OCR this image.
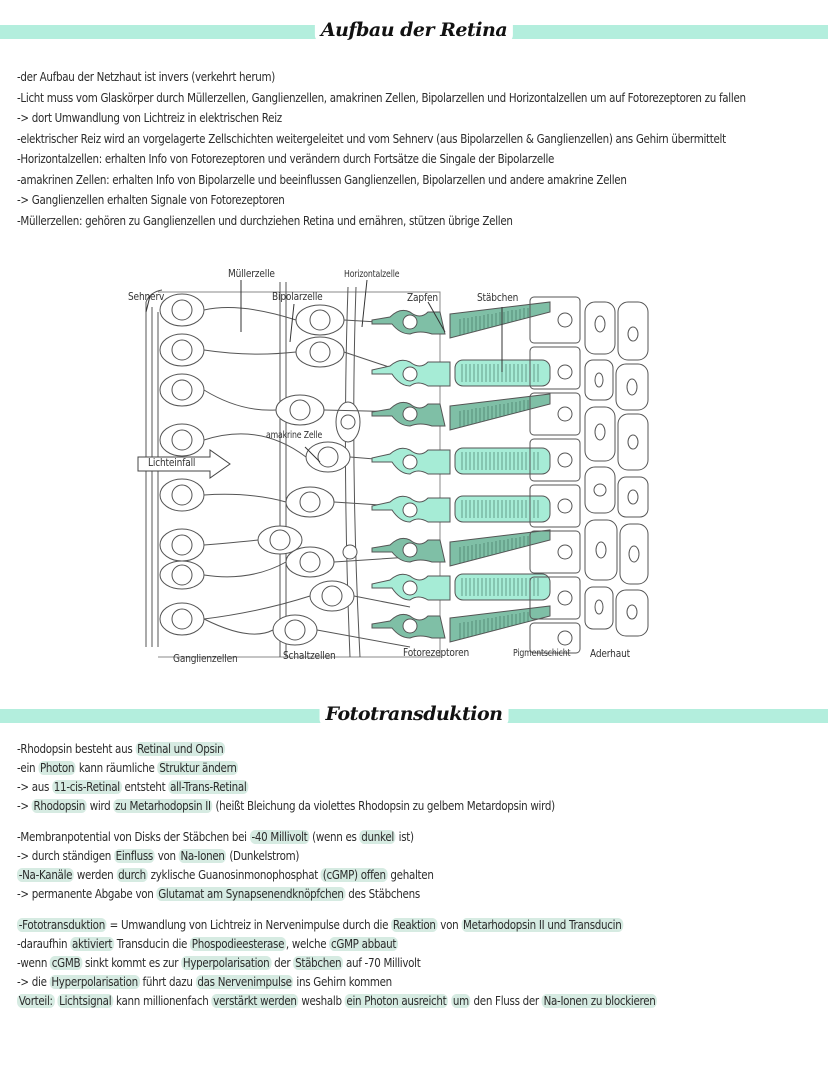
Aufbau der Retina
-der Aufbau der Netzhaut ist invers (verkehrt herum)
-Licht muss vom Glaskörper durch Müllerzellen, Ganglienzellen, amakrinen Zellen, Bipolarzellen und Horizontalzellen um auf Fotorezeptoren zu fallen
-> dort Umwandlung von Lichtreiz in elektrischen Reiz
-elektrischer Reiz wird an vorgelagerte Zellschichten weitergeleitet und vom Sehnerv (aus Bipolarzellen & Ganglienzellen) ans Gehirn übermittelt
-Horizontalzellen: erhalten Info von Fotorezeptoren und verändern durch Fortsätze die Singale der Bipolarzelle
-amakrinen Zellen: erhalten Info von Bipolarzelle und beeinflussen Ganglienzellen, Bipolarzellen und andere amakrine Zellen
-> Ganglienzellen erhalten Signale von Fotorezeptoren
-Müllerzellen: gehören zu Ganglienzellen und durchziehen Retina und ernähren, stützen übrige Zellen
Sehnerv
Müllerzelle
Bipolarzelle
Horizontalzelle
Zapfen	Stäbchen
amakrine Zelle
Lichteinfall
Ganglienzellen	Schaltzellen	Fotorezeptoren	Pigmentschicht Aderhaut
Fototransduktion
-Rhodopsin besteht aus Retinal und Opsin
-ein Photon kann räumliche Struktur ändern
-> aus 11-cis-Retinal entsteht all-Trans-Retinal
-> Rhodopsin wird zu Metarhodopsin II (heißt Bleichung da violettes Rhodopsin zu gelbem Metardopsin wird)
-Membranpotential von Disks der Stäbchen bei -40 Millivolt (wenn es dunkel ist)
-> durch ständigen Einfluss von Na-Ionen (Dunkelstrom)
-Na-Kanäle werden durch zyklische Guanosinmonophosphat (cGMP) offen gehalten
-> permanente Abgabe von Glutamat am Synapsenendknöpfchen des Stäbchens
-Fototransduktion = Umwandlung von Lichtreiz in Nervenimpulse durch die Reaktion von Metarhodopsin II und Transducin
-daraufhin aktiviert Transducin die Phospodieesterase , welche cGMP abbaut
-wenn cGMB sinkt kommt es zur Hyperpolarisation der Stäbchen auf -70 Millivolt
-> die Hyperpolarisation führt dazu das Nervenimpulse ins Gehirn kommen
Vorteil: Lichtsignal kann millionenfach verstärkt werden weshalb ein Photon ausreicht um den Fluss der Na-Ionen zu blockieren
